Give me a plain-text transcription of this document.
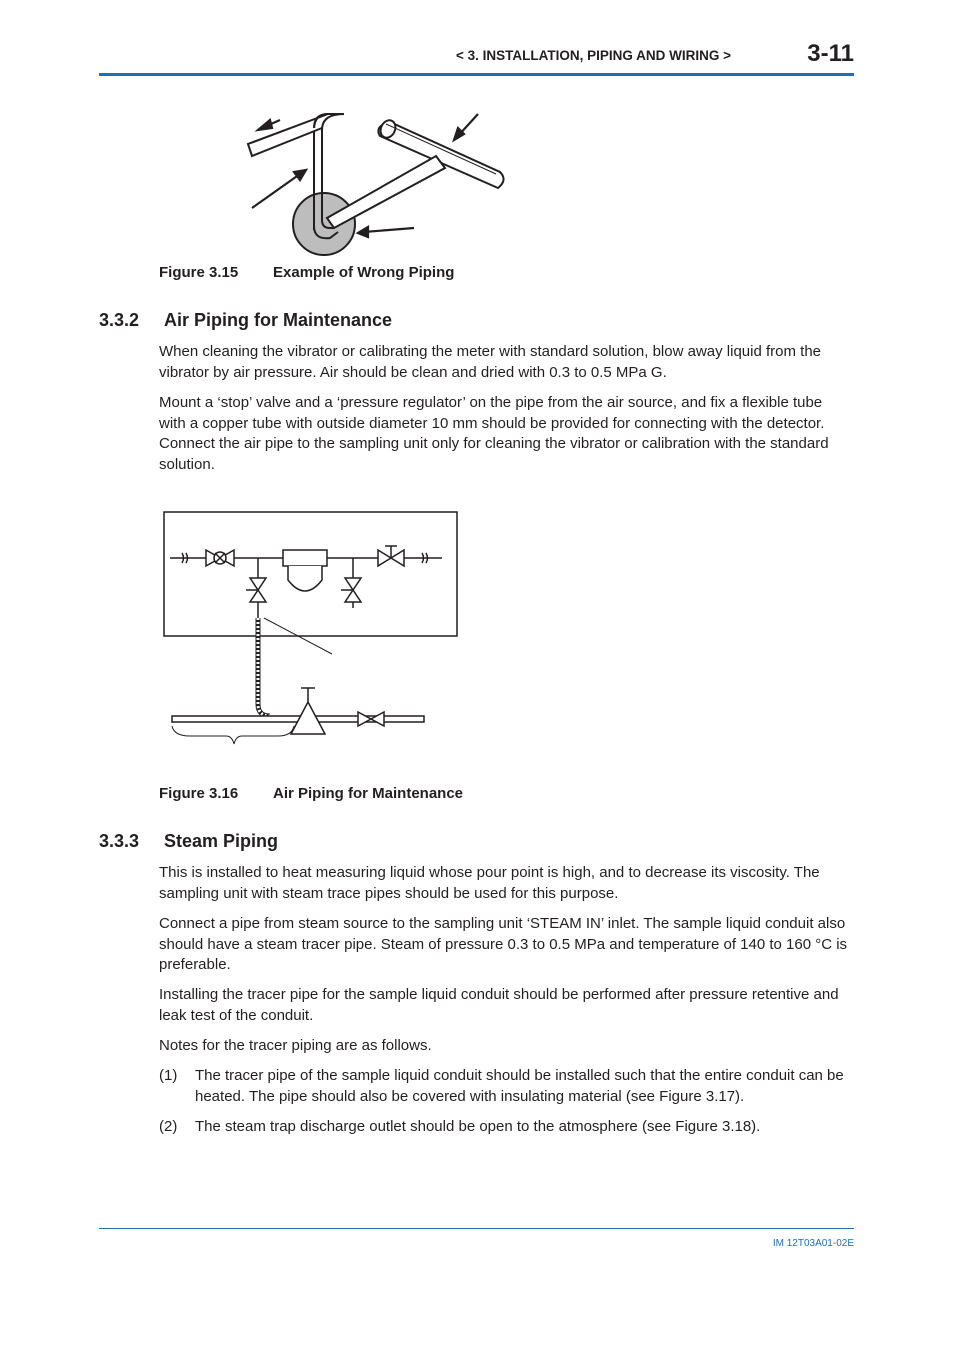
< 3. INSTALLATION, PIPING AND WIRING >	3-11
Figure 3.15 Example of Wrong Piping
3.3.2 Air Piping for Maintenance
When cleaning the vibrator or calibrating the meter with standard solution, blow away liquid from the vibrator by air pressure. Air should be clean and dried with 0.3 to 0.5 MPa G.
Mount a ‘stop’ valve and a ‘pressure regulator’ on the pipe from the air source, and fix a flexible tube with a copper tube with outside diameter 10 mm should be provided for connecting with the detector. Connect the air pipe to the sampling unit only for cleaning the vibrator or calibration with the standard solution.
Figure 3.16 Air Piping for Maintenance
3.3.3 Steam Piping
This is installed to heat measuring liquid whose pour point is high, and to decrease its viscosity. The sampling unit with steam trace pipes should be used for this purpose.
Connect a pipe from steam source to the sampling unit ‘STEAM IN’ inlet. The sample liquid conduit also should have a steam tracer pipe. Steam of pressure 0.3 to 0.5 MPa and temperature of 140 to 160 °C is preferable.
Installing the tracer pipe for the sample liquid conduit should be performed after pressure retentive and leak test of the conduit.
Notes for the tracer piping are as follows.
(1) The tracer pipe of the sample liquid conduit should be installed such that the entire conduit can be heated. The pipe should also be covered with insulating material (see Figure 3.17).
(2) The steam trap discharge outlet should be open to the atmosphere (see Figure 3.18).
IM 12T03A01-02E
